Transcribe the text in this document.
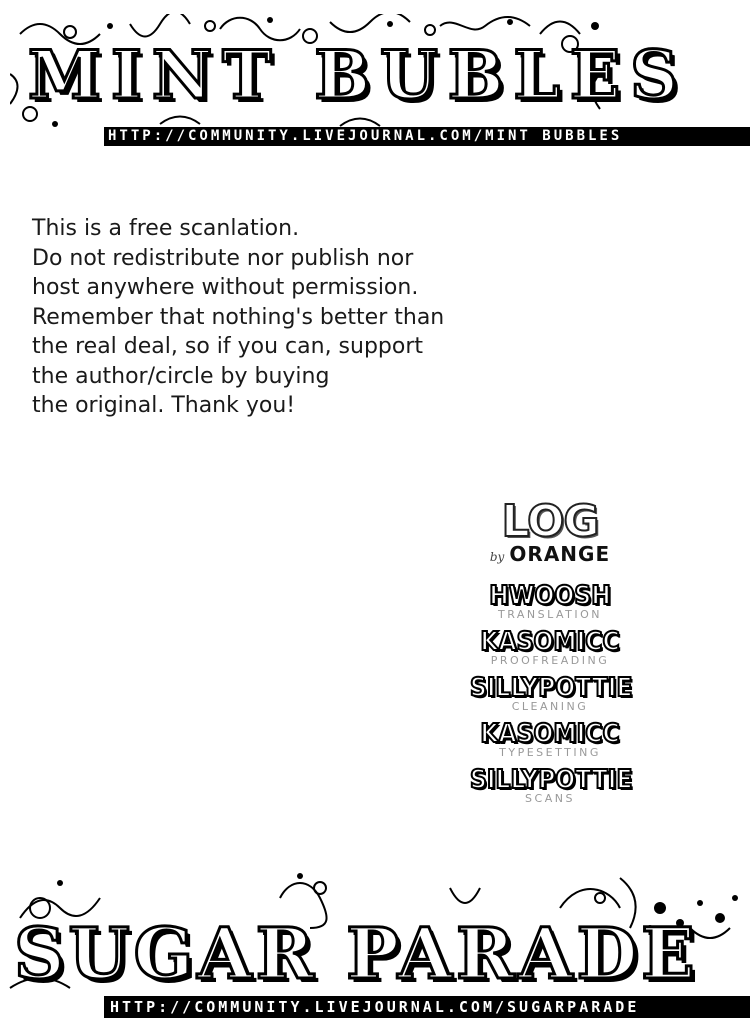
MINT BUBLES
HTTP://COMMUNITY.LIVEJOURNAL.COM/MINT BUBBLES
This is a free scanlation.
Do not redistribute nor publish nor
host anywhere without permission.
Remember that nothing's better than
the real deal, so if you can, support
the author/circle by buying
the original. Thank you!
LOG
by ORANGE
HWOOSH
TRANSLATION
KASOMICC
PROOFREADING
SILLYPOTTIE
CLEANING
KASOMICC
TYPESETTING
SILLYPOTTIE
SCANS
SUGAR PARADE
HTTP://COMMUNITY.LIVEJOURNAL.COM/SUGARPARADE
